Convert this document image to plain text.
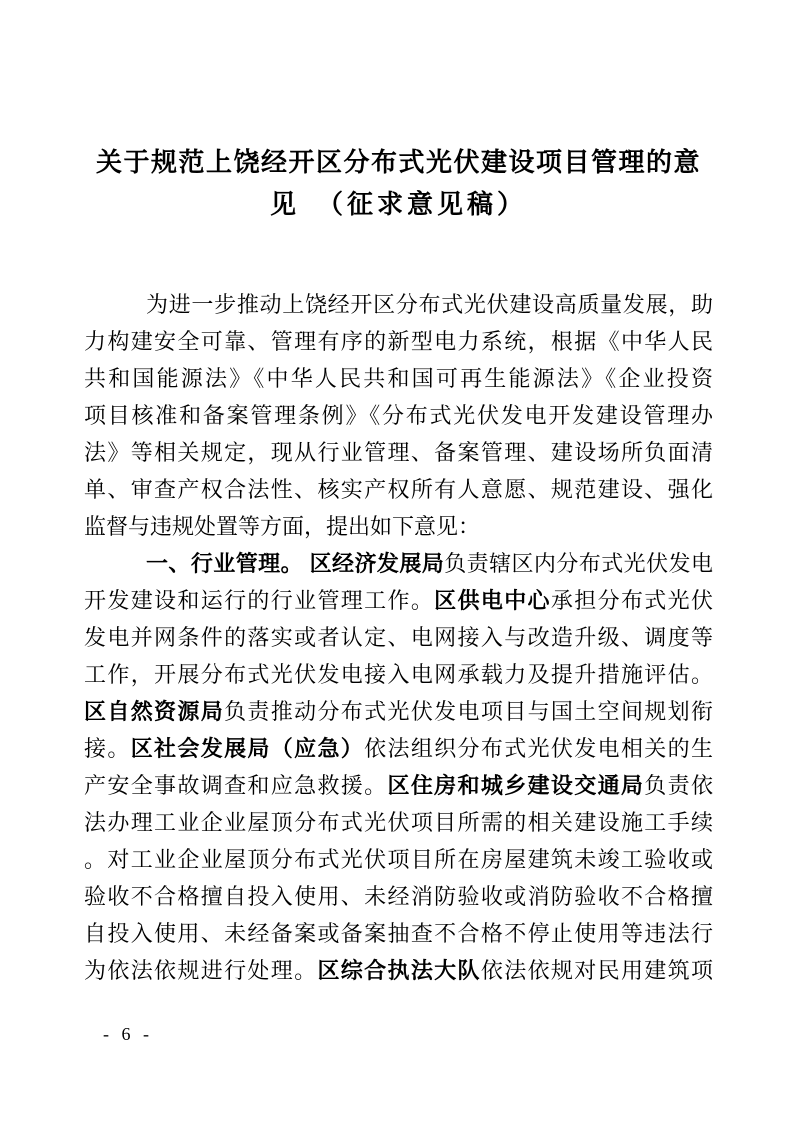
关于规范上饶经开区分布式光伏建设项目管理的意
见　（征求意见稿）
为进一步推动上饶经开区分布式光伏建设高质量发展，助
力构建安全可靠、管理有序的新型电力系统，根据《中华人民
共和国能源法》《中华人民共和国可再生能源法》《企业投资
项目核准和备案管理条例》《分布式光伏发电开发建设管理办
法》等相关规定，现从行业管理、备案管理、建设场所负面清
单、审查产权合法性、核实产权所有人意愿、规范建设、强化
监督与违规处置等方面，提出如下意见：
一、行业管理。 区经济发展局负责辖区内分布式光伏发电
开发建设和运行的行业管理工作。区供电中心承担分布式光伏
发电并网条件的落实或者认定、电网接入与改造升级、调度等
工作，开展分布式光伏发电接入电网承载力及提升措施评估。
区自然资源局负责推动分布式光伏发电项目与国土空间规划衔
接。区社会发展局（应急）依法组织分布式光伏发电相关的生
产安全事故调查和应急救援。区住房和城乡建设交通局负责依
法办理工业企业屋顶分布式光伏项目所需的相关建设施工手续
。对工业企业屋顶分布式光伏项目所在房屋建筑未竣工验收或
验收不合格擅自投入使用、未经消防验收或消防验收不合格擅
自投入使用、未经备案或备案抽查不合格不停止使用等违法行
为依法依规进行处理。区综合执法大队依法依规对民用建筑项
- 6 -
